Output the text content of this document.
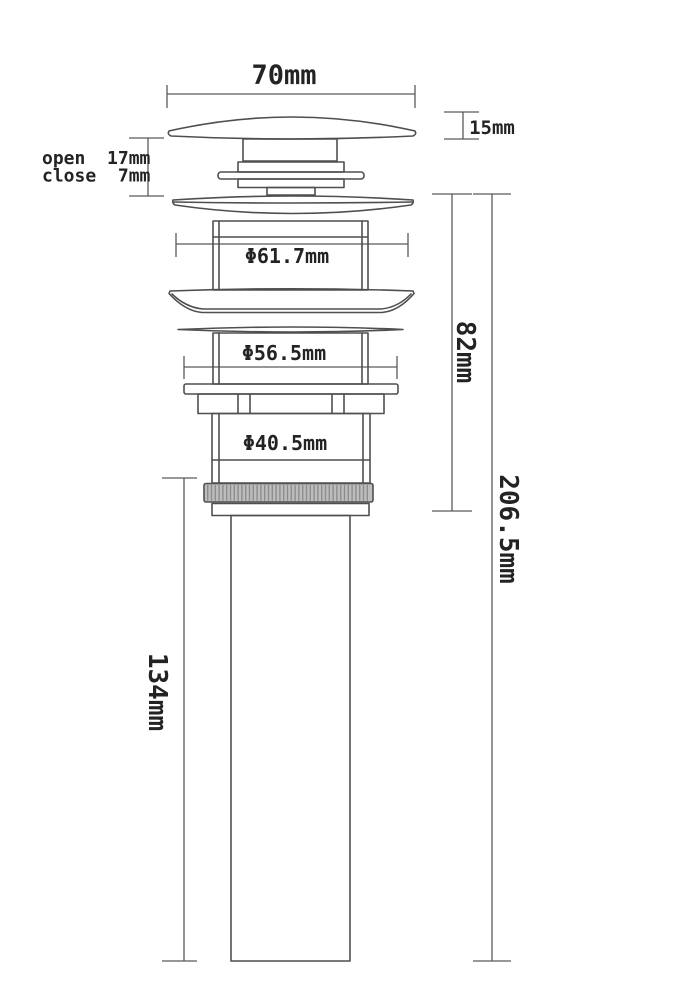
70mm
15mm
open  17mm
close  7mm
Φ61.7mm
Φ56.5mm
Φ40.5mm
82mm
206.5mm
134mm
